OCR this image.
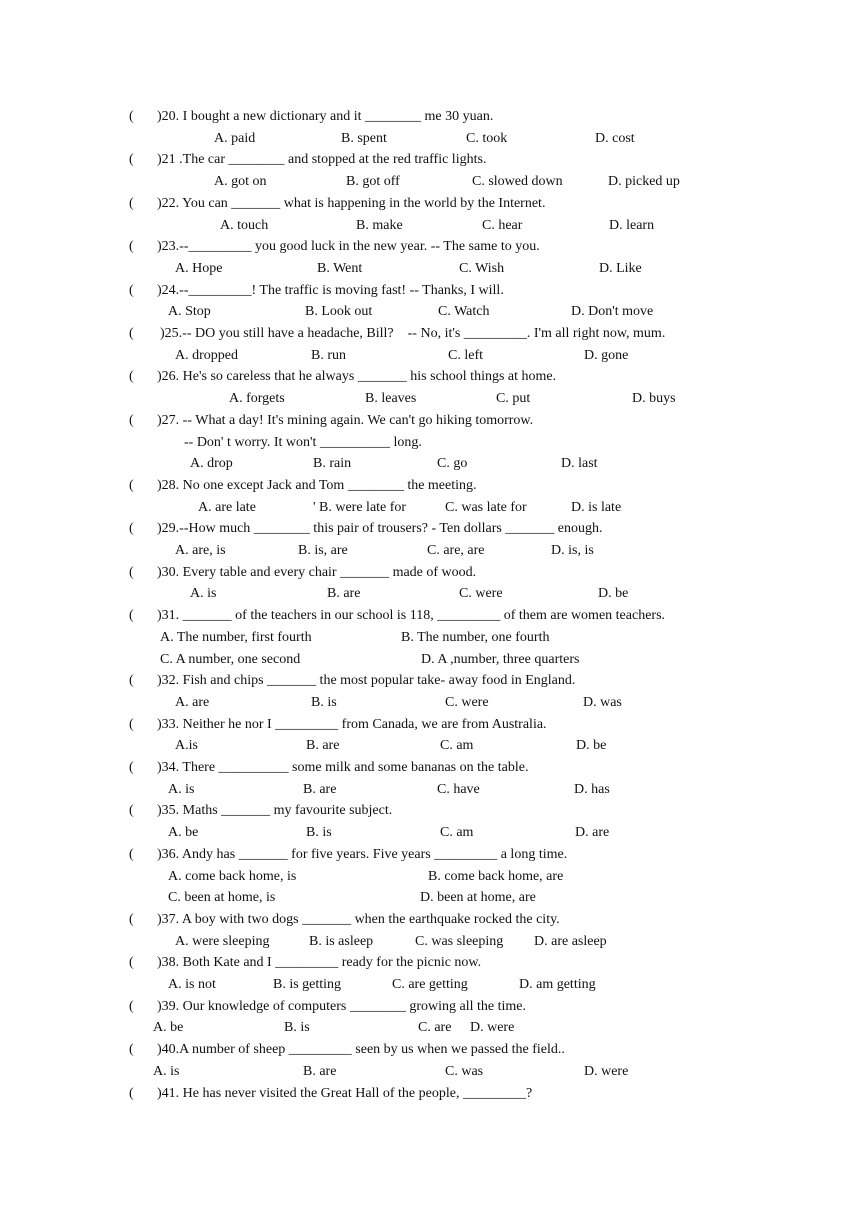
( )20. I bought a new dictionary and it ________ me 30 yuan.
A. paid	B. spent	C. took	D. cost
( )21 .The car ________ and stopped at the red traffic lights.
A. got on	B. got off	C. slowed down	D. picked up
( )22. You can _______ what is happening in the world by the Internet.
A. touch	B. make	C. hear	D. learn
( )23.--_________ you good luck in the new year. -- The same to you.
A. Hope	B. Went	C. Wish	D. Like
( )24.--_________! The traffic is moving fast! -- Thanks, I will.
A. Stop	B. Look out	C. Watch	D. Don't move
( )25.-- DO you still have a headache, Bill?    -- No, it's _________. I'm all right now, mum.
A. dropped	B. run	C. left	D. gone
( )26. He's so careless that he always _______ his school things at home.
A. forgets	B. leaves	C. put	D. buys
( )27. -- What a day! It's mining again. We can't go hiking tomorrow.
-- Don' t worry. It won't __________ long.
A. drop	B. rain	C. go	D. last
( )28. No one except Jack and Tom ________ the meeting.
A. are late	' B. were late for	C. was late for	D. is late
( )29.--How much ________ this pair of trousers? - Ten dollars _______ enough.
A. are, is	B. is, are	C. are, are	D. is, is
( )30. Every table and every chair _______ made of wood.
A. is	B. are	C. were	D. be
( )31. _______ of the teachers in our school is 118, _________ of them are women teachers.
A. The number, first fourth	B. The number, one fourth
C. A number, one second	D. A ,number, three quarters
( )32. Fish and chips _______ the most popular take- away food in England.
A. are	B. is	C. were	D. was
( )33. Neither he nor I _________ from Canada, we are from Australia.
A.is	B. are	C. am	D. be
( )34. There __________ some milk and some bananas on the table.
A. is	B. are	C. have	D. has
( )35. Maths _______ my favourite subject.
A. be	B. is	C. am	D. are
( )36. Andy has _______ for five years. Five years _________ a long time.
A. come back home, is	B. come back home, are
C. been at home, is	D. been at home, are
( )37. A boy with two dogs _______ when the earthquake rocked the city.
A. were sleeping	B. is asleep	C. was sleeping D. are asleep
( )38. Both Kate and I _________ ready for the picnic now.
A. is not	B. is getting	C. are getting	D. am getting
( )39. Our knowledge of computers ________ growing all the time.
A. be	B. is	C. are D. were
( )40.A number of sheep _________ seen by us when we passed the field..
A. is	B. are	C. was	D. were
( )41. He has never visited the Great Hall of the people, _________?
